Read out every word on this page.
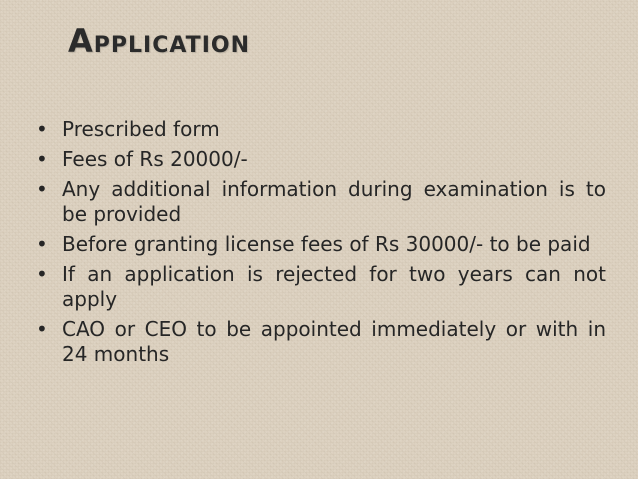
Application
• Prescribed form
• Fees of Rs 20000/-
• Any additional information during examination is to be provided
• Before granting license fees of Rs 30000/- to be paid
• If an application is rejected for two years can not apply
• CAO or CEO to be appointed immediately or with in 24 months
